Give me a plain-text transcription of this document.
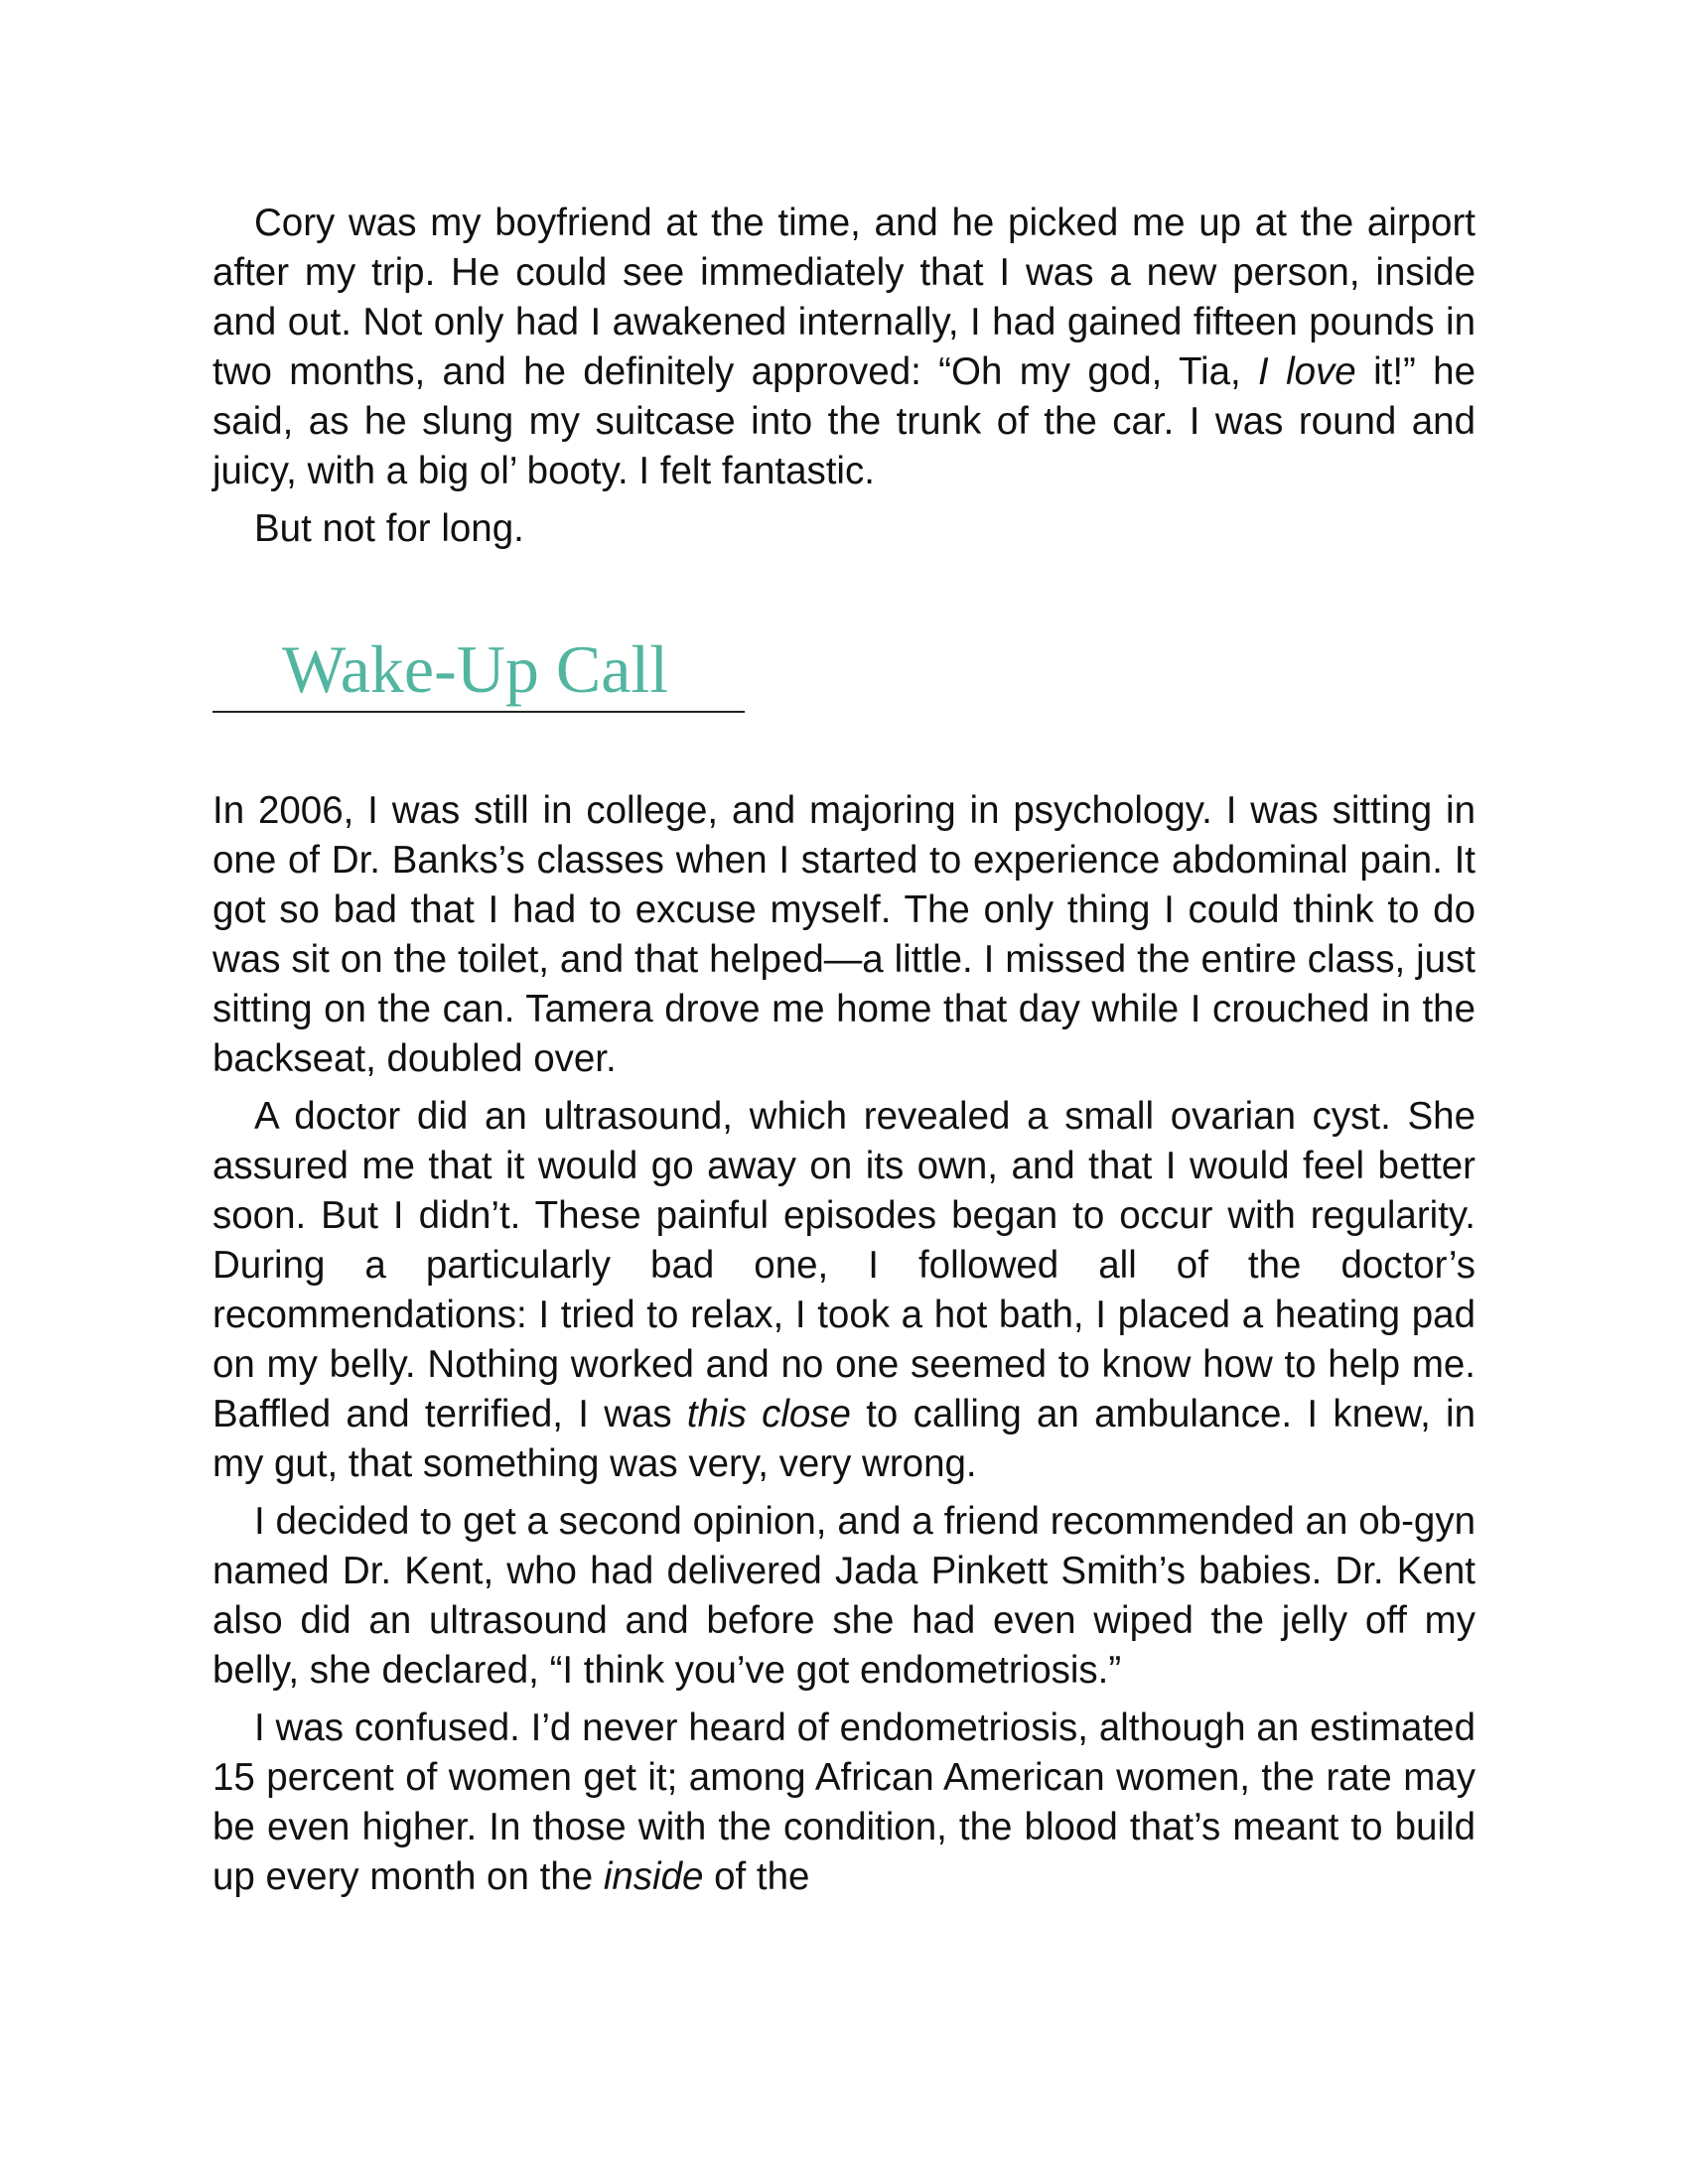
Cory was my boyfriend at the time, and he picked me up at the airport after my trip. He could see immediately that I was a new person, inside and out. Not only had I awakened internally, I had gained fifteen pounds in two months, and he definitely approved: “Oh my god, Tia, I love it!” he said, as he slung my suitcase into the trunk of the car. I was round and juicy, with a big ol’ booty. I felt fantastic.

But not for long.

Wake-Up Call

In 2006, I was still in college, and majoring in psychology. I was sitting in one of Dr. Banks’s classes when I started to experience abdominal pain. It got so bad that I had to excuse myself. The only thing I could think to do was sit on the toilet, and that helped—a little. I missed the entire class, just sitting on the can. Tamera drove me home that day while I crouched in the backseat, doubled over.

A doctor did an ultrasound, which revealed a small ovarian cyst. She assured me that it would go away on its own, and that I would feel better soon. But I didn’t. These painful episodes began to occur with regularity. During a particularly bad one, I followed all of the doctor’s recommendations: I tried to relax, I took a hot bath, I placed a heating pad on my belly. Nothing worked and no one seemed to know how to help me. Baffled and terrified, I was this close to calling an ambulance. I knew, in my gut, that something was very, very wrong.

I decided to get a second opinion, and a friend recommended an ob-gyn named Dr. Kent, who had delivered Jada Pinkett Smith’s babies. Dr. Kent also did an ultrasound and before she had even wiped the jelly off my belly, she declared, “I think you’ve got endometriosis.”

I was confused. I’d never heard of endometriosis, although an estimated 15 percent of women get it; among African American women, the rate may be even higher. In those with the condition, the blood that’s meant to build up every month on the inside of the
